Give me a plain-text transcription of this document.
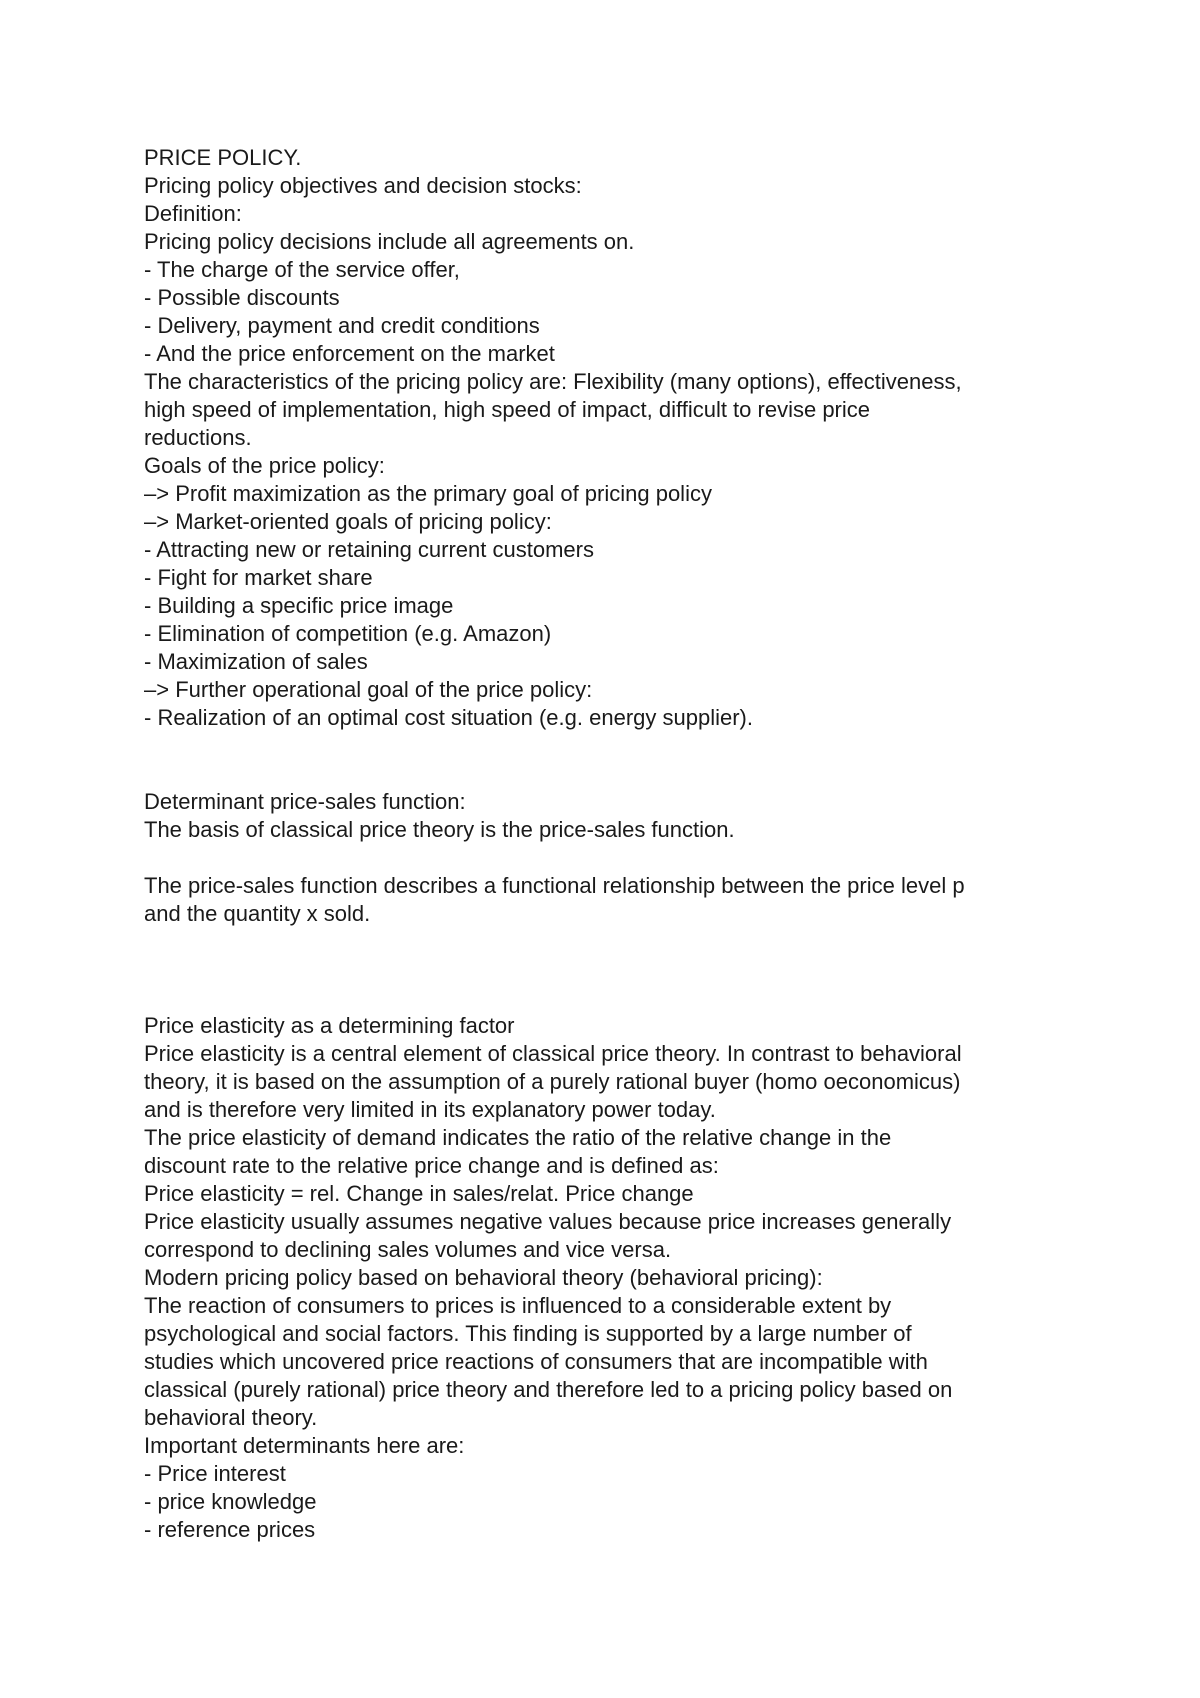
PRICE POLICY.
Pricing policy objectives and decision stocks:
Definition:
Pricing policy decisions include all agreements on.
- The charge of the service offer,
- Possible discounts
- Delivery, payment and credit conditions
- And the price enforcement on the market
The characteristics of the pricing policy are: Flexibility (many options), effectiveness,
high speed of implementation, high speed of impact, difficult to revise price
reductions.
Goals of the price policy:
–> Profit maximization as the primary goal of pricing policy
–> Market-oriented goals of pricing policy:
- Attracting new or retaining current customers
- Fight for market share
- Building a specific price image
- Elimination of competition (e.g. Amazon)
- Maximization of sales
–> Further operational goal of the price policy:
- Realization of an optimal cost situation (e.g. energy supplier).
Determinant price-sales function:
The basis of classical price theory is the price-sales function.
The price-sales function describes a functional relationship between the price level p
and the quantity x sold.
Price elasticity as a determining factor
Price elasticity is a central element of classical price theory. In contrast to behavioral
theory, it is based on the assumption of a purely rational buyer (homo oeconomicus)
and is therefore very limited in its explanatory power today.
The price elasticity of demand indicates the ratio of the relative change in the
discount rate to the relative price change and is defined as:
Price elasticity = rel. Change in sales/relat. Price change
Price elasticity usually assumes negative values because price increases generally
correspond to declining sales volumes and vice versa.
Modern pricing policy based on behavioral theory (behavioral pricing):
The reaction of consumers to prices is influenced to a considerable extent by
psychological and social factors. This finding is supported by a large number of
studies which uncovered price reactions of consumers that are incompatible with
classical (purely rational) price theory and therefore led to a pricing policy based on
behavioral theory.
Important determinants here are:
- Price interest
- price knowledge
- reference prices
